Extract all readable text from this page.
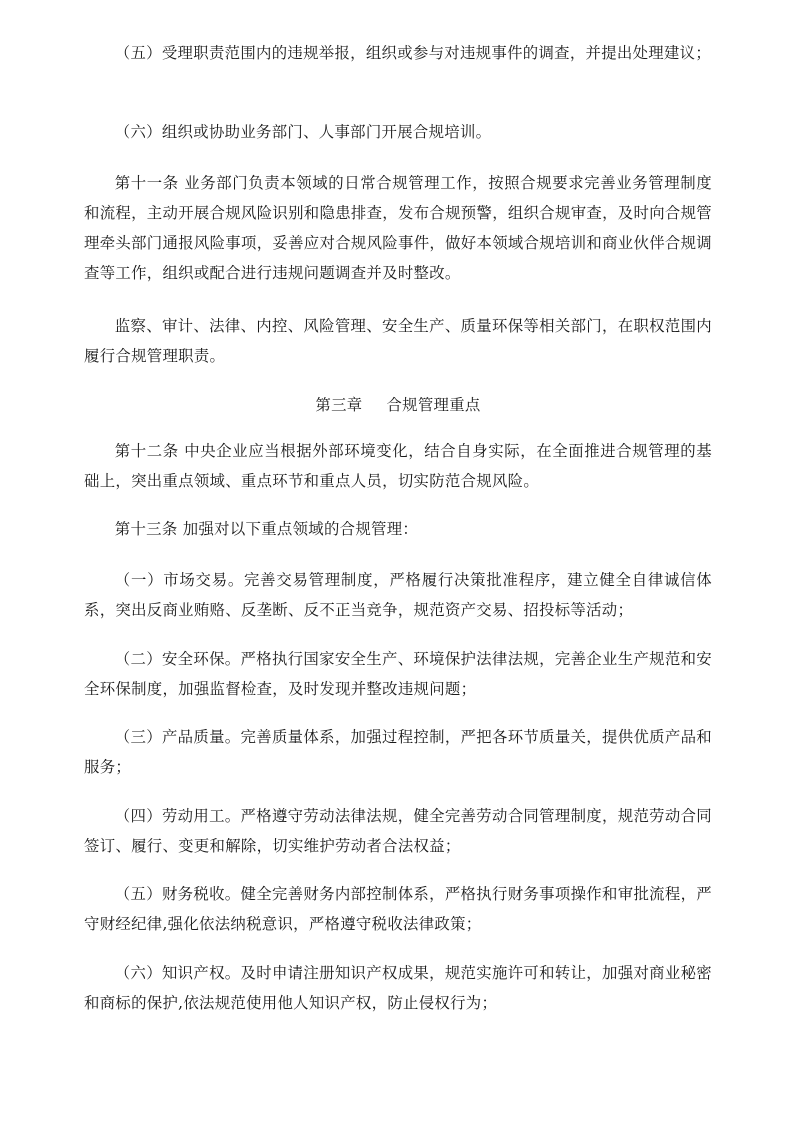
（五）受理职责范围内的违规举报，组织或参与对违规事件的调查，并提出处理建议；

（六）组织或协助业务部门、人事部门开展合规培训。

第十一条 业务部门负责本领域的日常合规管理工作，按照合规要求完善业务管理制度和流程，主动开展合规风险识别和隐患排查，发布合规预警，组织合规审查，及时向合规管理牵头部门通报风险事项，妥善应对合规风险事件，做好本领域合规培训和商业伙伴合规调查等工作，组织或配合进行违规问题调查并及时整改。

监察、审计、法律、内控、风险管理、安全生产、质量环保等相关部门，在职权范围内履行合规管理职责。

第三章 合规管理重点

第十二条 中央企业应当根据外部环境变化，结合自身实际，在全面推进合规管理的基础上，突出重点领域、重点环节和重点人员，切实防范合规风险。

第十三条 加强对以下重点领域的合规管理：

（一）市场交易。完善交易管理制度，严格履行决策批准程序，建立健全自律诚信体系，突出反商业贿赂、反垄断、反不正当竞争，规范资产交易、招投标等活动；

（二）安全环保。严格执行国家安全生产、环境保护法律法规，完善企业生产规范和安全环保制度，加强监督检查，及时发现并整改违规问题；

（三）产品质量。完善质量体系，加强过程控制，严把各环节质量关，提供优质产品和服务；

（四）劳动用工。严格遵守劳动法律法规，健全完善劳动合同管理制度，规范劳动合同签订、履行、变更和解除，切实维护劳动者合法权益；

（五）财务税收。健全完善财务内部控制体系，严格执行财务事项操作和审批流程，严守财经纪律,强化依法纳税意识，严格遵守税收法律政策；

（六）知识产权。及时申请注册知识产权成果，规范实施许可和转让，加强对商业秘密和商标的保护,依法规范使用他人知识产权，防止侵权行为；
